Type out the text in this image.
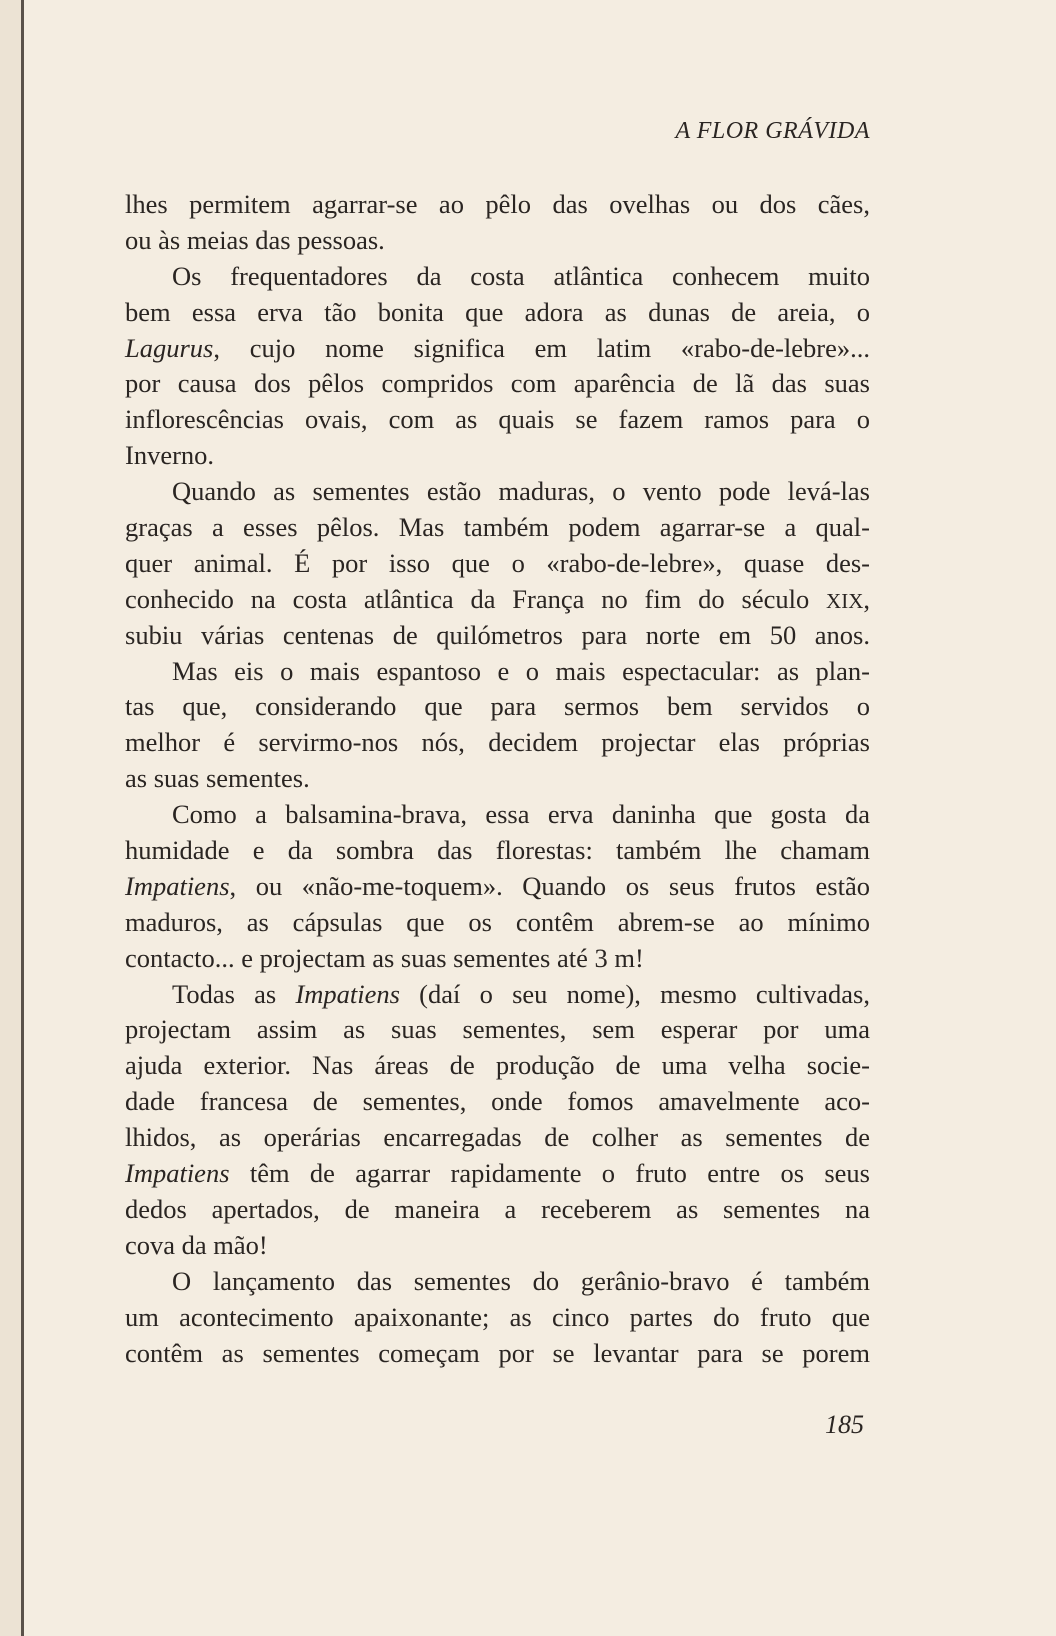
A FLOR GRÁVIDA
lhes permitem agarrar-se ao pêlo das ovelhas ou dos cães,
ou às meias das pessoas.
Os frequentadores da costa atlântica conhecem muito
bem essa erva tão bonita que adora as dunas de areia, o
Lagurus, cujo nome significa em latim «rabo-de-lebre»...
por causa dos pêlos compridos com aparência de lã das suas
inflorescências ovais, com as quais se fazem ramos para o
Inverno.
Quando as sementes estão maduras, o vento pode levá-las
graças a esses pêlos. Mas também podem agarrar-se a qual-
quer animal. É por isso que o «rabo-de-lebre», quase des-
conhecido na costa atlântica da França no fim do século XIX,
subiu várias centenas de quilómetros para norte em 50 anos.
Mas eis o mais espantoso e o mais espectacular: as plan-
tas que, considerando que para sermos bem servidos o
melhor é servirmo-nos nós, decidem projectar elas próprias
as suas sementes.
Como a balsamina-brava, essa erva daninha que gosta da
humidade e da sombra das florestas: também lhe chamam
Impatiens, ou «não-me-toquem». Quando os seus frutos estão
maduros, as cápsulas que os contêm abrem-se ao mínimo
contacto... e projectam as suas sementes até 3 m!
Todas as Impatiens (daí o seu nome), mesmo cultivadas,
projectam assim as suas sementes, sem esperar por uma
ajuda exterior. Nas áreas de produção de uma velha socie-
dade francesa de sementes, onde fomos amavelmente aco-
lhidos, as operárias encarregadas de colher as sementes de
Impatiens têm de agarrar rapidamente o fruto entre os seus
dedos apertados, de maneira a receberem as sementes na
cova da mão!
O lançamento das sementes do gerânio-bravo é também
um acontecimento apaixonante; as cinco partes do fruto que
contêm as sementes começam por se levantar para se porem
185
